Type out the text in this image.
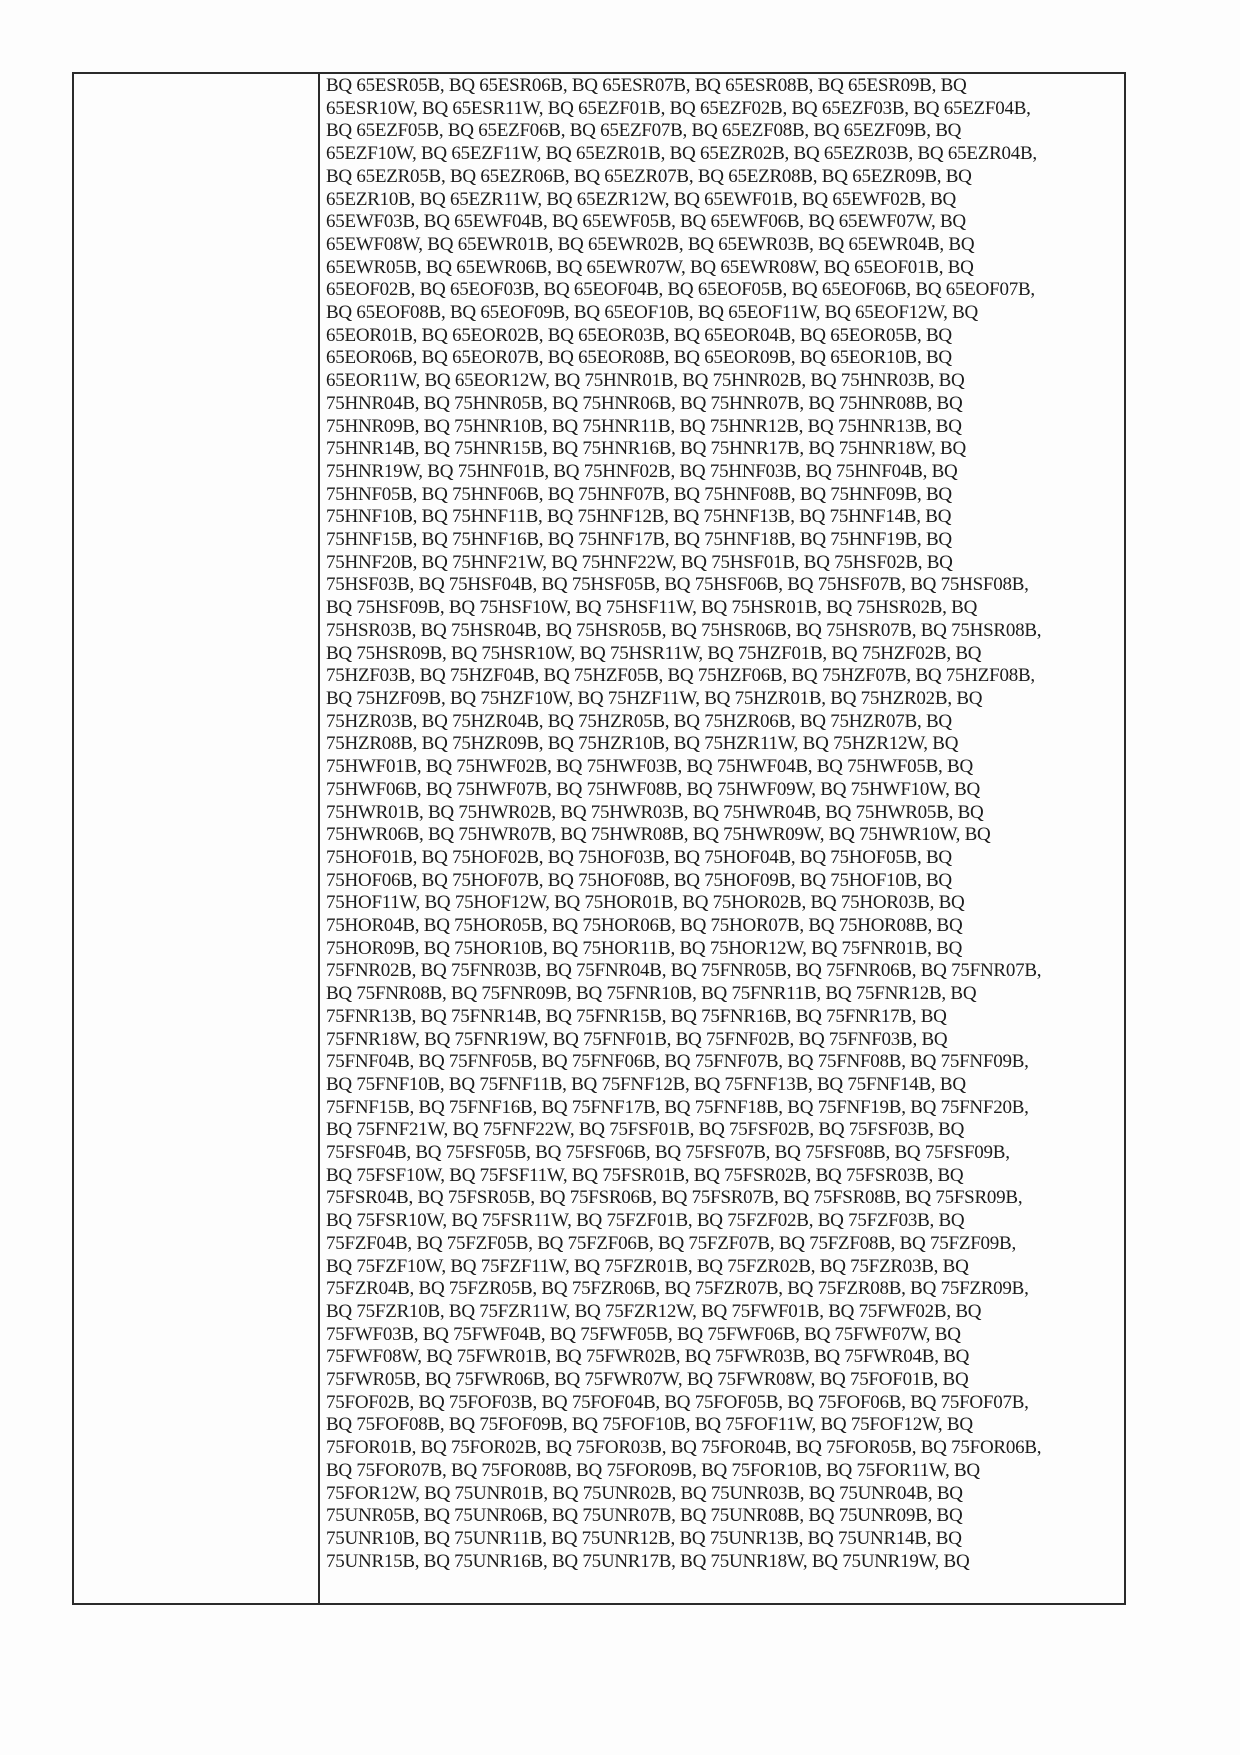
BQ 65ESR05B, BQ 65ESR06B, BQ 65ESR07B, BQ 65ESR08B, BQ 65ESR09B, BQ
65ESR10W, BQ 65ESR11W, BQ 65EZF01B, BQ 65EZF02B, BQ 65EZF03B, BQ 65EZF04B,
BQ 65EZF05B, BQ 65EZF06B, BQ 65EZF07B, BQ 65EZF08B, BQ 65EZF09B, BQ
65EZF10W, BQ 65EZF11W, BQ 65EZR01B, BQ 65EZR02B, BQ 65EZR03B, BQ 65EZR04B,
BQ 65EZR05B, BQ 65EZR06B, BQ 65EZR07B, BQ 65EZR08B, BQ 65EZR09B, BQ
65EZR10B, BQ 65EZR11W, BQ 65EZR12W, BQ 65EWF01B, BQ 65EWF02B, BQ
65EWF03B, BQ 65EWF04B, BQ 65EWF05B, BQ 65EWF06B, BQ 65EWF07W, BQ
65EWF08W, BQ 65EWR01B, BQ 65EWR02B, BQ 65EWR03B, BQ 65EWR04B, BQ
65EWR05B, BQ 65EWR06B, BQ 65EWR07W, BQ 65EWR08W, BQ 65EOF01B, BQ
65EOF02B, BQ 65EOF03B, BQ 65EOF04B, BQ 65EOF05B, BQ 65EOF06B, BQ 65EOF07B,
BQ 65EOF08B, BQ 65EOF09B, BQ 65EOF10B, BQ 65EOF11W, BQ 65EOF12W, BQ
65EOR01B, BQ 65EOR02B, BQ 65EOR03B, BQ 65EOR04B, BQ 65EOR05B, BQ
65EOR06B, BQ 65EOR07B, BQ 65EOR08B, BQ 65EOR09B, BQ 65EOR10B, BQ
65EOR11W, BQ 65EOR12W, BQ 75HNR01B, BQ 75HNR02B, BQ 75HNR03B, BQ
75HNR04B, BQ 75HNR05B, BQ 75HNR06B, BQ 75HNR07B, BQ 75HNR08B, BQ
75HNR09B, BQ 75HNR10B, BQ 75HNR11B, BQ 75HNR12B, BQ 75HNR13B, BQ
75HNR14B, BQ 75HNR15B, BQ 75HNR16B, BQ 75HNR17B, BQ 75HNR18W, BQ
75HNR19W, BQ 75HNF01B, BQ 75HNF02B, BQ 75HNF03B, BQ 75HNF04B, BQ
75HNF05B, BQ 75HNF06B, BQ 75HNF07B, BQ 75HNF08B, BQ 75HNF09B, BQ
75HNF10B, BQ 75HNF11B, BQ 75HNF12B, BQ 75HNF13B, BQ 75HNF14B, BQ
75HNF15B, BQ 75HNF16B, BQ 75HNF17B, BQ 75HNF18B, BQ 75HNF19B, BQ
75HNF20B, BQ 75HNF21W, BQ 75HNF22W, BQ 75HSF01B, BQ 75HSF02B, BQ
75HSF03B, BQ 75HSF04B, BQ 75HSF05B, BQ 75HSF06B, BQ 75HSF07B, BQ 75HSF08B,
BQ 75HSF09B, BQ 75HSF10W, BQ 75HSF11W, BQ 75HSR01B, BQ 75HSR02B, BQ
75HSR03B, BQ 75HSR04B, BQ 75HSR05B, BQ 75HSR06B, BQ 75HSR07B, BQ 75HSR08B,
BQ 75HSR09B, BQ 75HSR10W, BQ 75HSR11W, BQ 75HZF01B, BQ 75HZF02B, BQ
75HZF03B, BQ 75HZF04B, BQ 75HZF05B, BQ 75HZF06B, BQ 75HZF07B, BQ 75HZF08B,
BQ 75HZF09B, BQ 75HZF10W, BQ 75HZF11W, BQ 75HZR01B, BQ 75HZR02B, BQ
75HZR03B, BQ 75HZR04B, BQ 75HZR05B, BQ 75HZR06B, BQ 75HZR07B, BQ
75HZR08B, BQ 75HZR09B, BQ 75HZR10B, BQ 75HZR11W, BQ 75HZR12W, BQ
75HWF01B, BQ 75HWF02B, BQ 75HWF03B, BQ 75HWF04B, BQ 75HWF05B, BQ
75HWF06B, BQ 75HWF07B, BQ 75HWF08B, BQ 75HWF09W, BQ 75HWF10W, BQ
75HWR01B, BQ 75HWR02B, BQ 75HWR03B, BQ 75HWR04B, BQ 75HWR05B, BQ
75HWR06B, BQ 75HWR07B, BQ 75HWR08B, BQ 75HWR09W, BQ 75HWR10W, BQ
75HOF01B, BQ 75HOF02B, BQ 75HOF03B, BQ 75HOF04B, BQ 75HOF05B, BQ
75HOF06B, BQ 75HOF07B, BQ 75HOF08B, BQ 75HOF09B, BQ 75HOF10B, BQ
75HOF11W, BQ 75HOF12W, BQ 75HOR01B, BQ 75HOR02B, BQ 75HOR03B, BQ
75HOR04B, BQ 75HOR05B, BQ 75HOR06B, BQ 75HOR07B, BQ 75HOR08B, BQ
75HOR09B, BQ 75HOR10B, BQ 75HOR11B, BQ 75HOR12W, BQ 75FNR01B, BQ
75FNR02B, BQ 75FNR03B, BQ 75FNR04B, BQ 75FNR05B, BQ 75FNR06B, BQ 75FNR07B,
BQ 75FNR08B, BQ 75FNR09B, BQ 75FNR10B, BQ 75FNR11B, BQ 75FNR12B, BQ
75FNR13B, BQ 75FNR14B, BQ 75FNR15B, BQ 75FNR16B, BQ 75FNR17B, BQ
75FNR18W, BQ 75FNR19W, BQ 75FNF01B, BQ 75FNF02B, BQ 75FNF03B, BQ
75FNF04B, BQ 75FNF05B, BQ 75FNF06B, BQ 75FNF07B, BQ 75FNF08B, BQ 75FNF09B,
BQ 75FNF10B, BQ 75FNF11B, BQ 75FNF12B, BQ 75FNF13B, BQ 75FNF14B, BQ
75FNF15B, BQ 75FNF16B, BQ 75FNF17B, BQ 75FNF18B, BQ 75FNF19B, BQ 75FNF20B,
BQ 75FNF21W, BQ 75FNF22W, BQ 75FSF01B, BQ 75FSF02B, BQ 75FSF03B, BQ
75FSF04B, BQ 75FSF05B, BQ 75FSF06B, BQ 75FSF07B, BQ 75FSF08B, BQ 75FSF09B,
BQ 75FSF10W, BQ 75FSF11W, BQ 75FSR01B, BQ 75FSR02B, BQ 75FSR03B, BQ
75FSR04B, BQ 75FSR05B, BQ 75FSR06B, BQ 75FSR07B, BQ 75FSR08B, BQ 75FSR09B,
BQ 75FSR10W, BQ 75FSR11W, BQ 75FZF01B, BQ 75FZF02B, BQ 75FZF03B, BQ
75FZF04B, BQ 75FZF05B, BQ 75FZF06B, BQ 75FZF07B, BQ 75FZF08B, BQ 75FZF09B,
BQ 75FZF10W, BQ 75FZF11W, BQ 75FZR01B, BQ 75FZR02B, BQ 75FZR03B, BQ
75FZR04B, BQ 75FZR05B, BQ 75FZR06B, BQ 75FZR07B, BQ 75FZR08B, BQ 75FZR09B,
BQ 75FZR10B, BQ 75FZR11W, BQ 75FZR12W, BQ 75FWF01B, BQ 75FWF02B, BQ
75FWF03B, BQ 75FWF04B, BQ 75FWF05B, BQ 75FWF06B, BQ 75FWF07W, BQ
75FWF08W, BQ 75FWR01B, BQ 75FWR02B, BQ 75FWR03B, BQ 75FWR04B, BQ
75FWR05B, BQ 75FWR06B, BQ 75FWR07W, BQ 75FWR08W, BQ 75FOF01B, BQ
75FOF02B, BQ 75FOF03B, BQ 75FOF04B, BQ 75FOF05B, BQ 75FOF06B, BQ 75FOF07B,
BQ 75FOF08B, BQ 75FOF09B, BQ 75FOF10B, BQ 75FOF11W, BQ 75FOF12W, BQ
75FOR01B, BQ 75FOR02B, BQ 75FOR03B, BQ 75FOR04B, BQ 75FOR05B, BQ 75FOR06B,
BQ 75FOR07B, BQ 75FOR08B, BQ 75FOR09B, BQ 75FOR10B, BQ 75FOR11W, BQ
75FOR12W, BQ 75UNR01B, BQ 75UNR02B, BQ 75UNR03B, BQ 75UNR04B, BQ
75UNR05B, BQ 75UNR06B, BQ 75UNR07B, BQ 75UNR08B, BQ 75UNR09B, BQ
75UNR10B, BQ 75UNR11B, BQ 75UNR12B, BQ 75UNR13B, BQ 75UNR14B, BQ
75UNR15B, BQ 75UNR16B, BQ 75UNR17B, BQ 75UNR18W, BQ 75UNR19W, BQ
